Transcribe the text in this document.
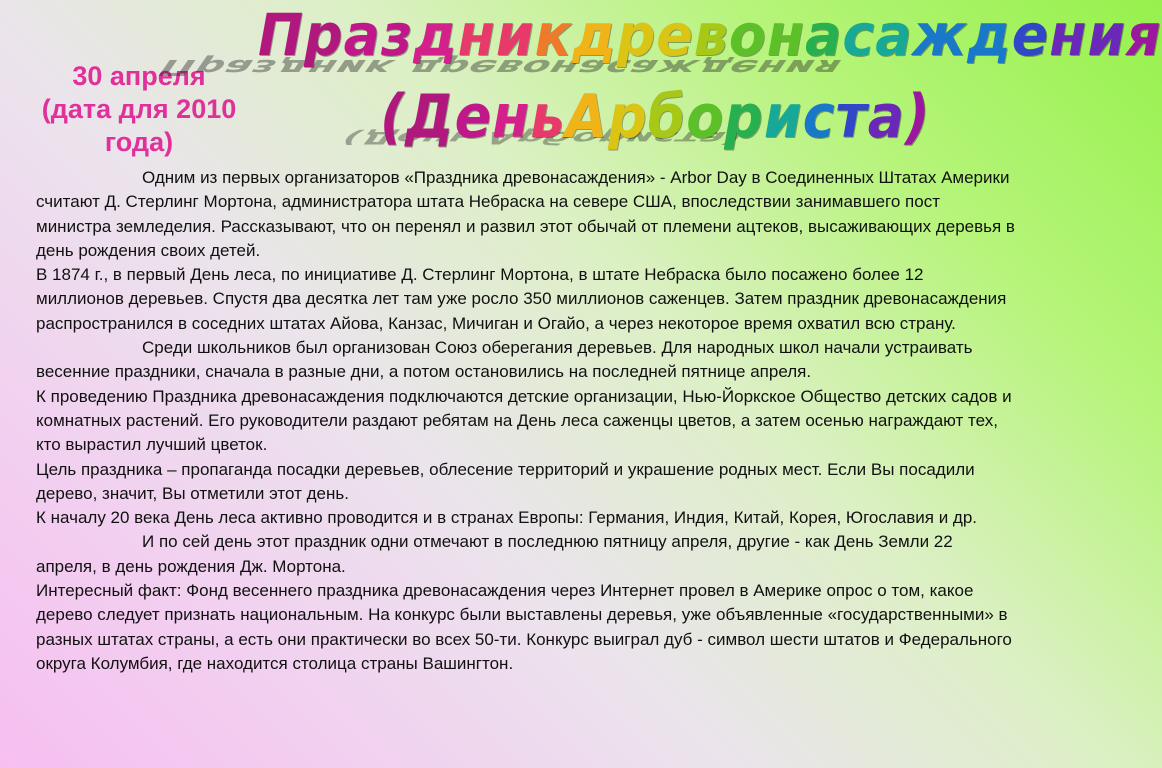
30 апреля
(дата для 2010
года)
Праздник древонасаждения
(День Арбориста)
Праздникдревонасаждения
(ДеньАрбориста)

Одним из первых организаторов «Праздника древонасаждения» - Arbor Day в Соединенных Штатах Америки считают Д. Стерлинг Мортона, администратора штата Небраска на севере США, впоследствии занимавшего пост министра земледелия. Рассказывают, что он перенял и развил этот обычай от племени ацтеков, высаживающих деревья в день рождения своих детей.

В 1874 г., в первый День леса, по инициативе Д. Стерлинг Мортона, в штате Небраска было посажено более 12 миллионов деревьев. Спустя два десятка лет там уже росло 350 миллионов саженцев. Затем праздник древонасаждения распространился в соседних штатах Айова, Канзас, Мичиган и Огайо, а через некоторое время охватил всю страну.

Среди школьников был организован Союз оберегания деревьев. Для народных школ начали устраивать весенние праздники, сначала в разные дни, а потом остановились на последней пятнице апреля.

К проведению Праздника древонасаждения подключаются детские организации, Нью-Йоркское Общество детских садов и комнатных растений. Его руководители раздают ребятам на День леса саженцы цветов, а затем осенью награждают тех, кто вырастил лучший цветок.

Цель праздника – пропаганда посадки деревьев, облесение территорий и украшение родных мест. Если Вы посадили дерево, значит, Вы отметили этот день.

К началу 20 века День леса активно проводится и в странах Европы: Германия, Индия, Китай, Корея, Югославия и др.

И по сей день этот праздник одни отмечают в последнюю пятницу апреля, другие - как День Земли 22 апреля, в день рождения Дж. Мортона.

Интересный факт: Фонд весеннего праздника древонасаждения через Интернет провел в Америке опрос о том, какое дерево следует признать национальным. На конкурс были выставлены деревья, уже объявленные «государственными» в разных штатах страны, а есть они практически во всех 50-ти. Конкурс выиграл дуб - символ шести штатов и Федерального округа Колумбия, где находится столица страны Вашингтон.
